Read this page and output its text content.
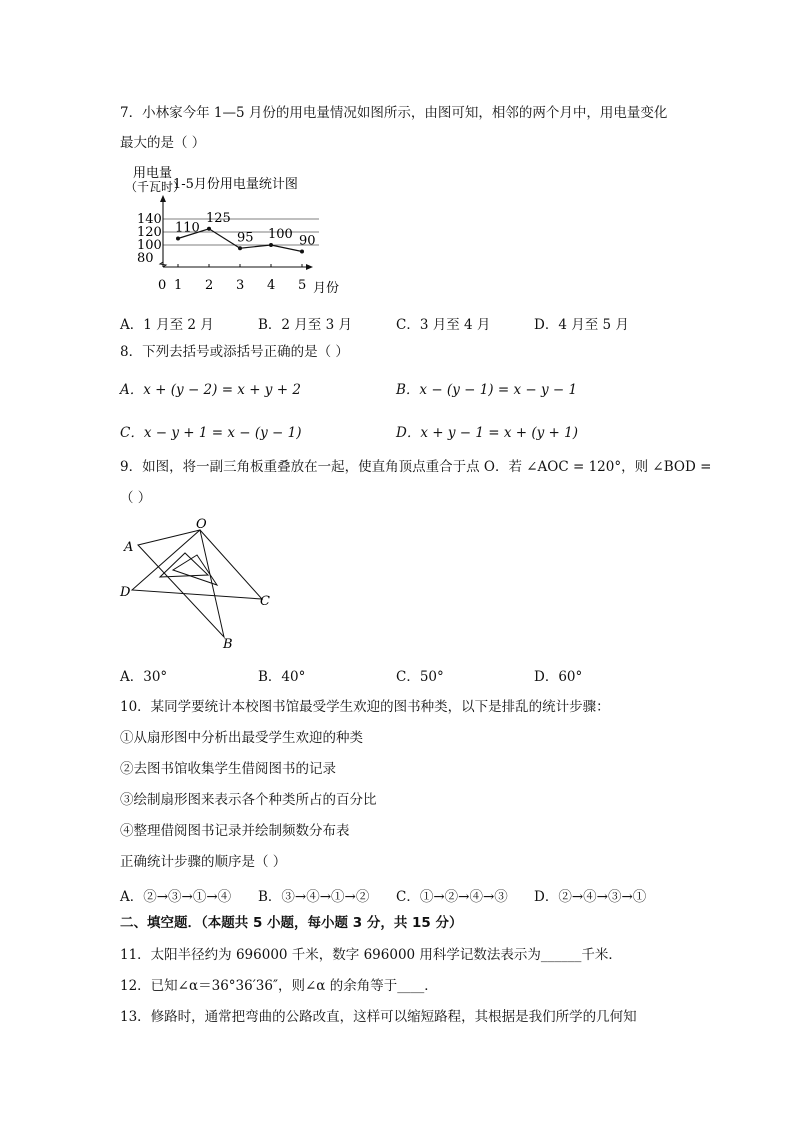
7．小林家今年 1—5 月份的用电量情况如图所示，由图可知，相邻的两个月中，用电量变化
最大的是（ ）
80
100
120
140
1 2 3 4 5
110
125
95 100 90
用电量
（千瓦时）
1-5月份用电量统计图
月份
0
A．1 月至 2 月	B．2 月至 3 月	C．3 月至 4 月	D．4 月至 5 月
8．下列去括号或添括号正确的是（ ）
A．x + (y − 2) = x + y + 2	B．x − (y − 1) = x − y − 1
C．x − y + 1 = x − (y − 1)	D．x + y − 1 = x + (y + 1)
9．如图，将一副三角板重叠放在一起，使直角顶点重合于点 O．若 ∠AOC = 120°，则 ∠BOD =
（ ）
O
A
D
C
B
A．30°	B．40°	C．50°	D．60°
10．某同学要统计本校图书馆最受学生欢迎的图书种类，以下是排乱的统计步骤：
①从扇形图中分析出最受学生欢迎的种类
②去图书馆收集学生借阅图书的记录
③绘制扇形图来表示各个种类所占的百分比
④整理借阅图书记录并绘制频数分布表
正确统计步骤的顺序是（ ）
A．②→③→①→④ B．③→④→①→② C．①→②→④→③ D．②→④→③→①
二、填空题．（本题共 5 小题，每小题 3 分，共 15 分）
11．太阳半径约为 696000 千米，数字 696000 用科学记数法表示为______千米．
12．已知∠α＝36°36′36″，则∠α 的余角等于____．
13．修路时，通常把弯曲的公路改直，这样可以缩短路程，其根据是我们所学的几何知
